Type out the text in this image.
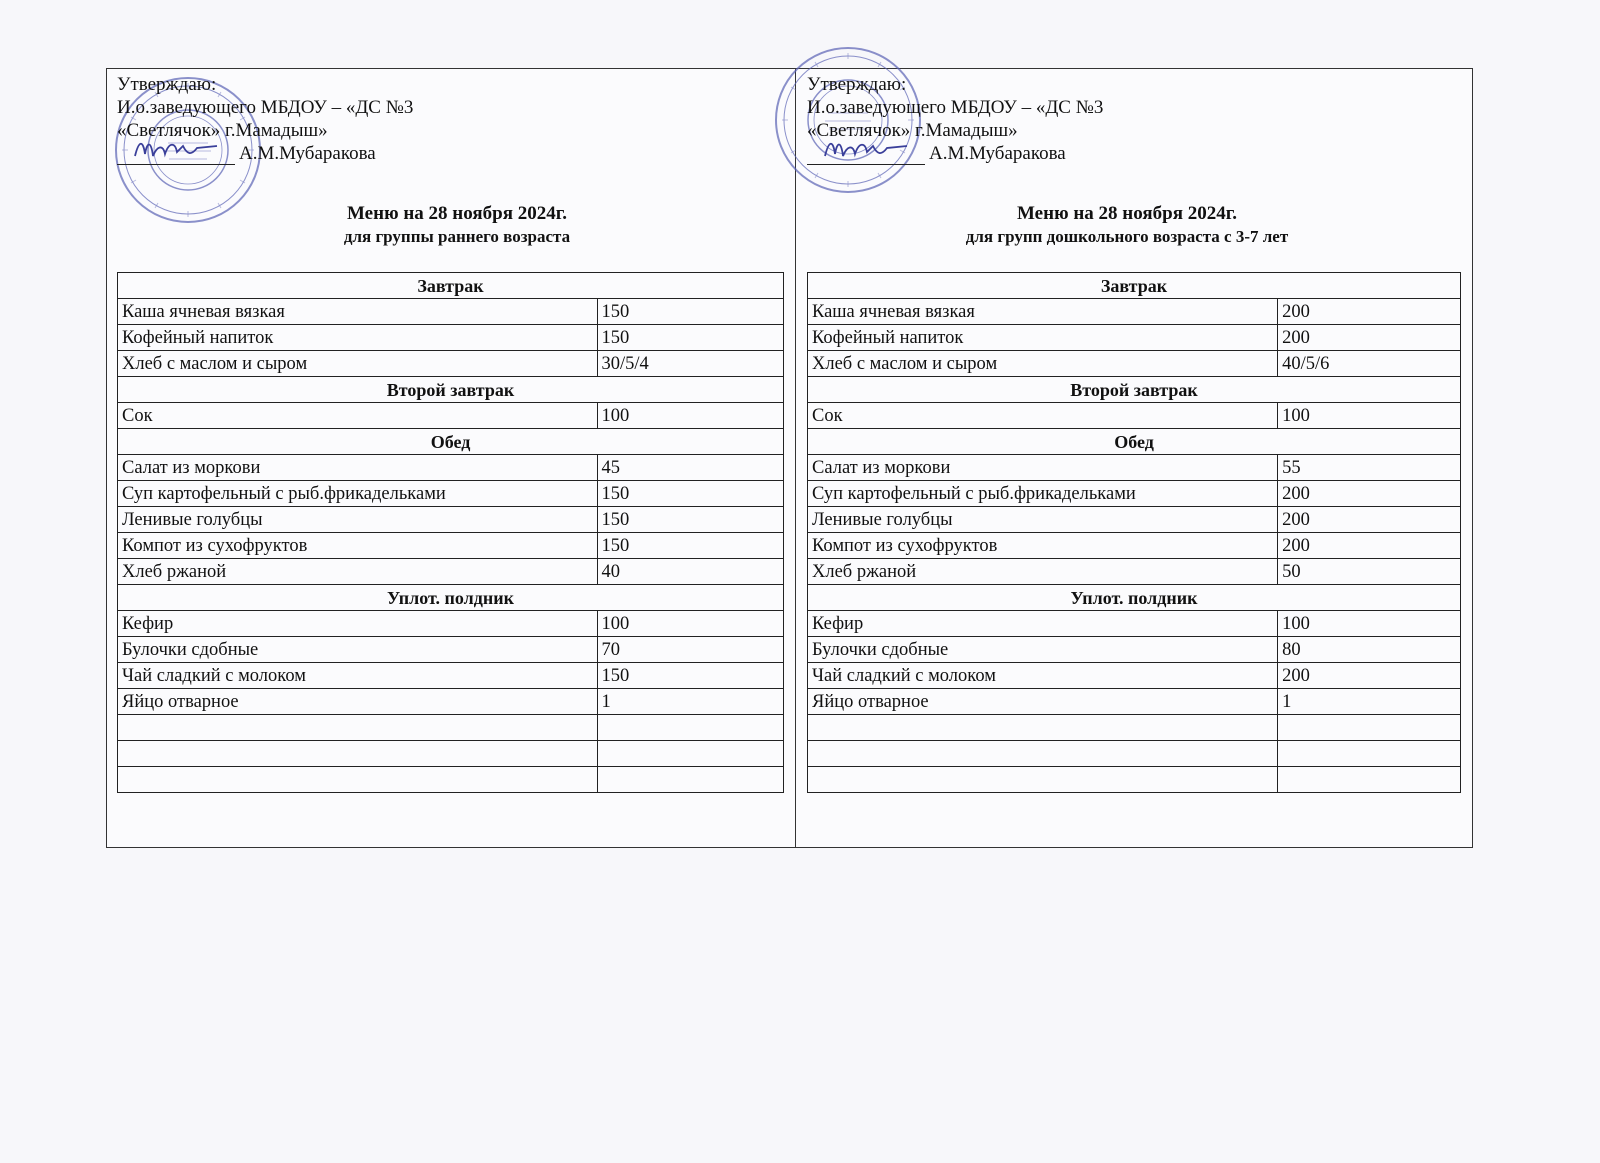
Утверждаю:
И.о.заведующего МБДОУ – «ДС №3
«Светлячок» г.Мамадыш»
А.М.Мубаракова
Меню на 28 ноября 2024г.
для группы раннего возраста
Завтрак	
Каша ячневая вязкая	150
Кофейный напиток	150
Хлеб с маслом и сыром	30/5/4
Второй завтрак	
Сок	100
Обед	
Салат из моркови	45
Суп картофельный с рыб.фрикадельками	150
Ленивые голубцы	150
Компот из сухофруктов	150
Хлеб ржаной	40
Уплот. полдник	
Кефир	100
Булочки сдобные	70
Чай сладкий с молоком	150
Яйцо отварное	1

Утверждаю:
И.о.заведующего МБДОУ – «ДС №3
«Светлячок» г.Мамадыш»
А.М.Мубаракова
Меню на 28 ноября 2024г.
для групп дошкольного возраста с 3-7 лет
Завтрак	
Каша ячневая вязкая	200
Кофейный напиток	200
Хлеб с маслом и сыром	40/5/6
Второй завтрак	
Сок	100
Обед	
Салат из моркови	55
Суп картофельный с рыб.фрикадельками	200
Ленивые голубцы	200
Компот из сухофруктов	200
Хлеб ржаной	50
Уплот. полдник	
Кефир	100
Булочки сдобные	80
Чай сладкий с молоком	200
Яйцо отварное	1
